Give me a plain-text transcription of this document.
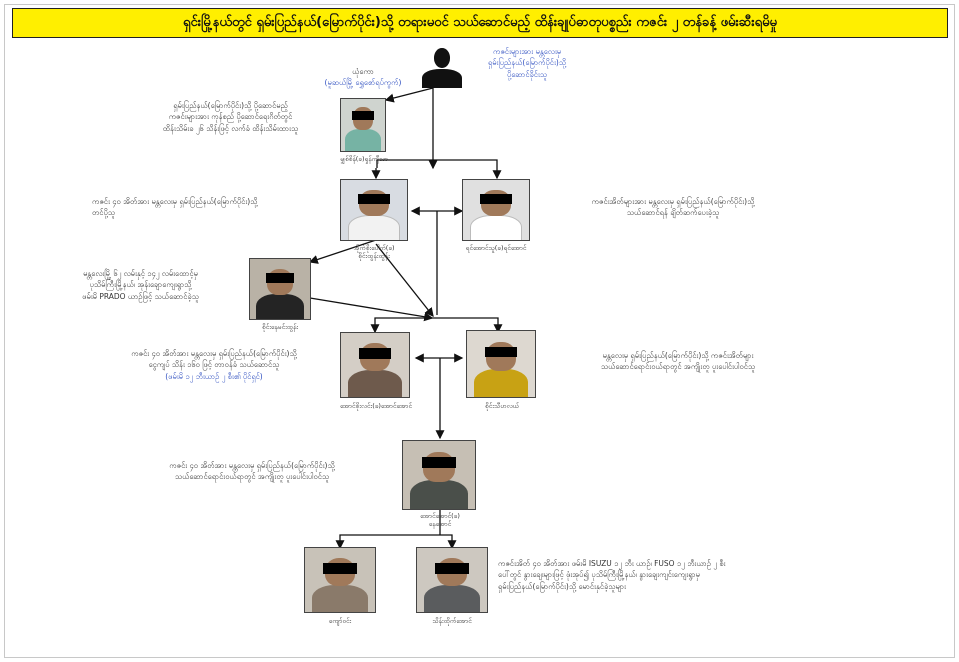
ရှင်းမြို့နယ်တွင် ရှမ်းပြည်နယ်(မြောက်ပိုင်း)သို့ တရားမဝင် သယ်ဆောင်မည့် ထိန်းချုပ်ဓာတုပစ္စည်း ကဇင်း ၂ တန်ခန့် ဖမ်းဆီးရမိမှု
ယုံကော
(မူဆယ်မြို့ ရွှေစော်ရပ်ကွက်)
ကဇင်းများအား မန္တလေးမှ
ရှမ်းပြည်နယ်(မြောက်ပိုင်း)သို့
ပို့ဆောင်ခိုင်းသူ
ရှမ်းပြည်နယ်(မြောက်ပိုင်း)သို့ ပို့ဆောင်မည့်
ကဇင်းများအား ကုန်စည် ပို့ဆောင်ရေးဂိတ်တွင်
ထိန်းသိမ်းခ ၂၆ သိန်းဖြင့် လက်ခံ ထိန်းသိမ်းထားသူ
မျှစ်စိန်(ခ)ရှန်ကျိဴသာ
ကဇင်း ၄၀ အိတ်အား မန္တလေးမှ ရှမ်းပြည်နယ်(မြောက်ပိုင်း)သို့
တင်ပို့သူ
အိုက်စိုးပေါက်(ခ)
စိုင်းထွန်းထွန်း
ရင်အောင်သူ(ခ)ရင်အောင်
ကဇင်းအိတ်များအား မန္တလေးမှ ရှမ်းပြည်နယ်(မြောက်ပိုင်း)သို့
သယ်ဆောင်ရန် ချိတ်ဆက်ပေးခဲ့သူ
မန္တလေးမြို့ ၆၂ လမ်းနှင့် ၁၄၂ လမ်းထောင့်မှ
ပုသိမ်ကြီးမြို့နယ်၊ အုန်းချောကျေးရွာသို့
ဖမ်းမိ PRADO ယာဉ်ဖြင့် သယ်ဆောင်ခဲ့သူ
စိုင်းနေမင်းထွန်း
ကဇင်း ၄၀ အိတ်အား မန္တလေးမှ ရှမ်းပြည်နယ်(မြောက်ပိုင်း)သို့
ငွေကျပ် သိန်း ၁၆၀ ဖြင့် တာဝန်ခံ သယ်ဆောင်သူ
(ဖမ်းမိ ၁၂ ဘီးယာဉ် ၂ စီး၏ ပိုင်ရှင်)
အောင်စိုးလင်း(ခ)အောင်အောင်	စိုင်းသီဟလယ်
မန္တလေးမှ ရှမ်းပြည်နယ်(မြောက်ပိုင်း)သို့ ကဇင်းအိတ်များ
သယ်ဆောင်ရောင်းဝယ်ရာတွင် အကျိုးတူ ပူးပေါင်းပါဝင်သူ
ကဇင်း ၄၀ အိတ်အား မန္တလေးမှ ရှမ်းပြည်နယ်(မြောက်ပိုင်း)သို့
သယ်ဆောင်ရောင်းဝယ်ရာတွင် အကျိုးတူ ပူးပေါင်းပါဝင်သူ
အောင်အောင်(ခ)
နေအောင်
ကျော်ဝင်း	သိန်းထိုက်အောင်
ကဇင်းအိတ် ၄၀ အိတ်အား ဖမ်းမိ ISUZU ၁၂ ဘီး ယာဉ်၊ FUSO ၁၂ ဘီးယာဉ် ၂ စီး
ပေါ်တွင် နွားချေးများဖြင့် ဖုံးအုပ်၍ ပုသိမ်ကြီးမြို့နယ်၊ နွားချေးကျင်းကျေးရွာမှ
ရှမ်းပြည်နယ်(မြောက်ပိုင်း)သို့ မောင်းနှင်ခဲ့သူများ
